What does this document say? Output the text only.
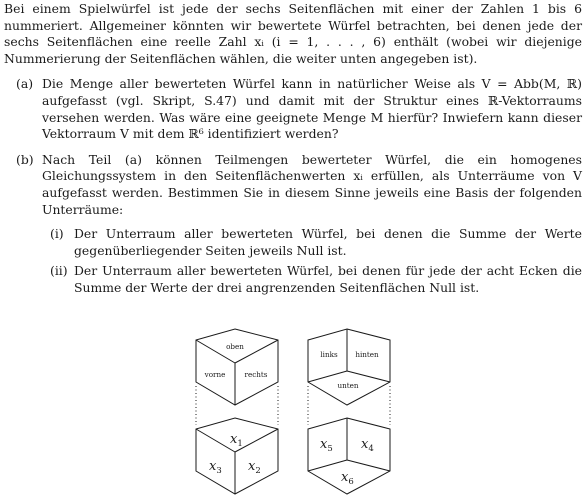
Bei einem Spielwürfel ist jede der sechs Seitenflächen mit einer der Zahlen 1 bis 6 nummeriert. Allgemeiner könnten wir bewertete Würfel betrachten, bei denen jede der sechs Seitenflächen eine reelle Zahl xᵢ (i = 1, . . . , 6) enthält (wobei wir diejenige Nummerierung der Seitenflächen wählen, die weiter unten angegeben ist).

(a) Die Menge aller bewerteten Würfel kann in natürlicher Weise als V = Abb(M, ℝ) aufgefasst (vgl. Skript, S.47) und damit mit der Struktur eines ℝ-Vektorraums versehen werden. Was wäre eine geeignete Menge M hierfür? Inwiefern kann dieser Vektorraum V mit dem ℝ⁶ identifiziert werden?

(b) Nach Teil (a) können Teilmengen bewerteter Würfel, die ein homogenes Gleichungssystem in den Seitenflächenwerten xᵢ erfüllen, als Unterräume von V aufgefasst werden. Bestimmen Sie in diesem Sinne jeweils eine Basis der folgenden Unterräume:

(i) Der Unterraum aller bewerteten Würfel, bei denen die Summe der Werte gegenüberliegender Seiten jeweils Null ist.

(ii) Der Unterraum aller bewerteten Würfel, bei denen für jede der acht Ecken die Summe der Werte der drei angrenzenden Seitenflächen Null ist.

oben
vorne	rechts
links hinten
unten
$x_1$
$x_3$ $x_2$
$x_5$ $x_4$
$x_6$
